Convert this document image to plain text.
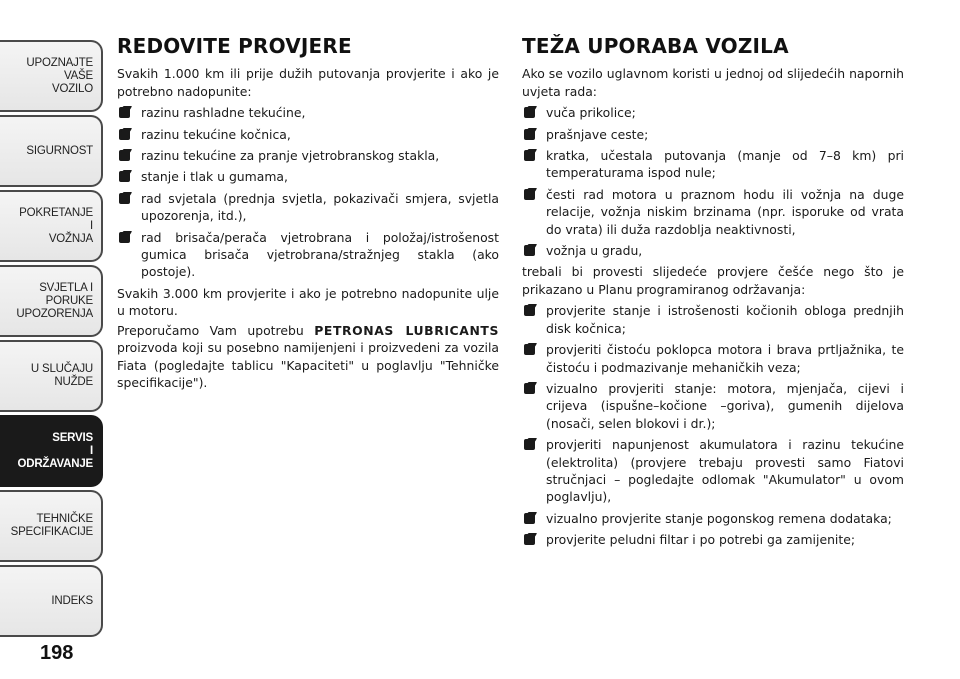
UPOZNAJTE
VAŠE
VOZILO
SIGURNOST
POKRETANJE
I
VOŽNJA
SVJETLA I
PORUKE
UPOZORENJA
U SLUČAJU
NUŽDE
SERVIS
I
ODRŽAVANJE
TEHNIČKE
SPECIFIKACIJE
INDEKS
198
REDOVITE PROVJERE

Svakih 1.000 km ili prije dužih putovanja provjerite i ako je potrebno nadopunite:

razinu rashladne tekućine,
razinu tekućine kočnica,
razinu tekućine za pranje vjetrobranskog stakla,
stanje i tlak u gumama,
rad svjetala (prednja svjetla, pokazivači smjera, svjetla upozorenja, itd.),
rad brisača/perača vjetrobrana i položaj/istrošenost gumica brisača vjetrobrana/stražnjeg stakla (ako postoje).

Svakih 3.000 km provjerite i ako je potrebno nadopunite ulje u motoru.

Preporučamo Vam upotrebu PETRONAS LUBRICANTS proizvoda koji su posebno namijenjeni i proizvedeni za vozila Fiata (pogledajte tablicu "Kapaciteti" u poglavlju "Tehničke specifikacije").

TEŽA UPORABA VOZILA

Ako se vozilo uglavnom koristi u jednoj od slijedećih napornih uvjeta rada:

vuča prikolice;
prašnjave ceste;
kratka, učestala putovanja (manje od 7–8 km) pri temperaturama ispod nule;
česti rad motora u praznom hodu ili vožnja na duge relacije, vožnja niskim brzinama (npr. isporuke od vrata do vrata) ili duža razdoblja neaktivnosti,
vožnja u gradu,

trebali bi provesti slijedeće provjere češće nego što je prikazano u Planu programiranog održavanja:

provjerite stanje i istrošenosti kočionih obloga prednjih disk kočnica;
provjeriti čistoću poklopca motora i brava prtljažnika, te čistoću i podmazivanje mehaničkih veza;
vizualno provjeriti stanje: motora, mjenjača, cijevi i crijeva (ispušne–kočione –goriva), gumenih dijelova (nosači, selen blokovi i dr.);
provjeriti napunjenost akumulatora i razinu tekućine (elektrolita) (provjere trebaju provesti samo Fiatovi stručnjaci – pogledajte odlomak "Akumulator" u ovom poglavlju),
vizualno provjerite stanje pogonskog remena dodataka;
provjerite peludni filtar i po potrebi ga zamijenite;
